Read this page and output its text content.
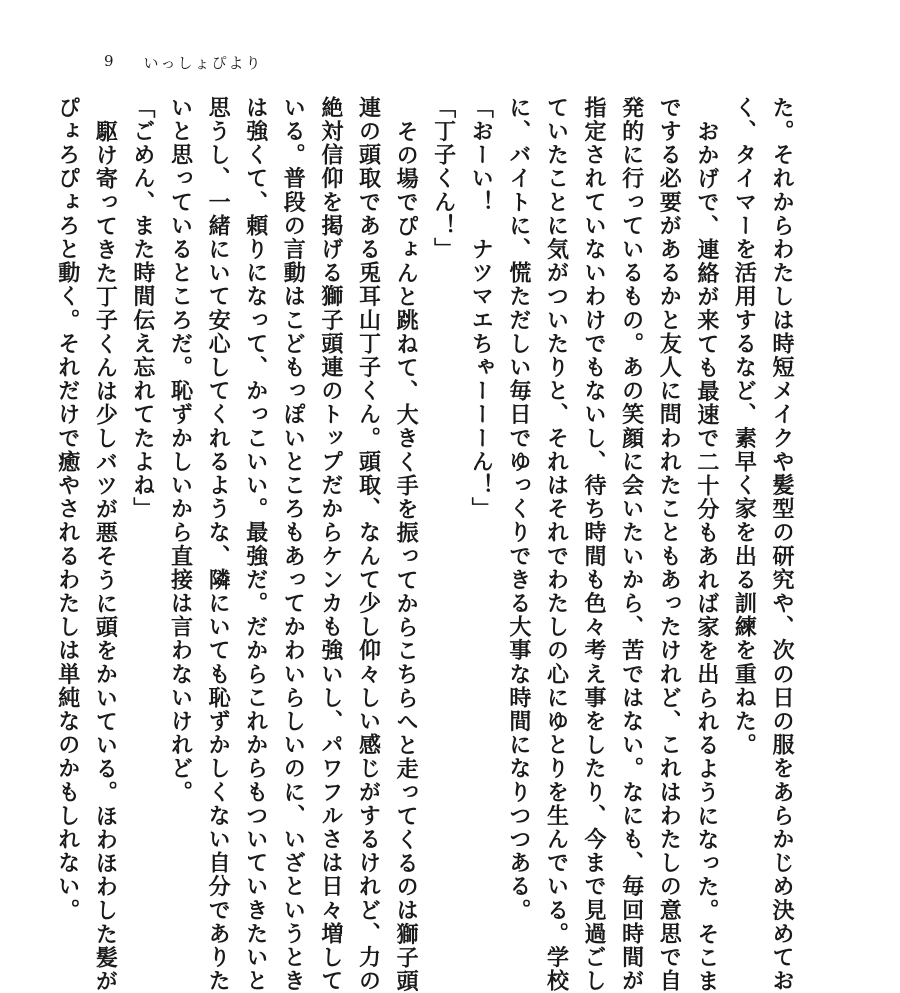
9 いっしょぴより
た。それからわたしは時短メイクや髪型の研究や、次の日の服をあらかじめ決めてお
く、タイマーを活用するなど、素早く家を出る訓練を重ねた。
おかげで、連絡が来ても最速で二十分もあれば家を出られるようになった。そこま
でする必要があるかと友人に問われたこともあったけれど、これはわたしの意思で自
発的に行っているもの。あの笑顔に会いたいから、苦ではない。なにも、毎回時間が
指定されていないわけでもないし、待ち時間も色々考え事をしたり、今まで見過ごし
ていたことに気がついたりと、それはそれでわたしの心にゆとりを生んでいる。学校
に、バイトに、慌ただしい毎日でゆっくりできる大事な時間になりつつある。
「おーい！　ナツマエちゃーーーん！」
「丁子くん！」
その場でぴょんと跳ねて、大きく手を振ってからこちらへと走ってくるのは獅子頭
連の頭取である兎耳山丁子くん。頭取、なんて少し仰々しい感じがするけれど、力の
絶対信仰を掲げる獅子頭連のトップだからケンカも強いし、パワフルさは日々増して
いる。普段の言動はこどもっぽいところもあってかわいらしいのに、いざというとき
は強くて、頼りになって、かっこいい。最強だ。だからこれからもついていきたいと
思うし、一緒にいて安心してくれるような、隣にいても恥ずかしくない自分でありた
いと思っているところだ。恥ずかしいから直接は言わないけれど。
「ごめん、また時間伝え忘れてたよね」
駆け寄ってきた丁子くんは少しバツが悪そうに頭をかいている。ほわほわした髪が
ぴょろぴょろと動く。それだけで癒やされるわたしは単純なのかもしれない。
